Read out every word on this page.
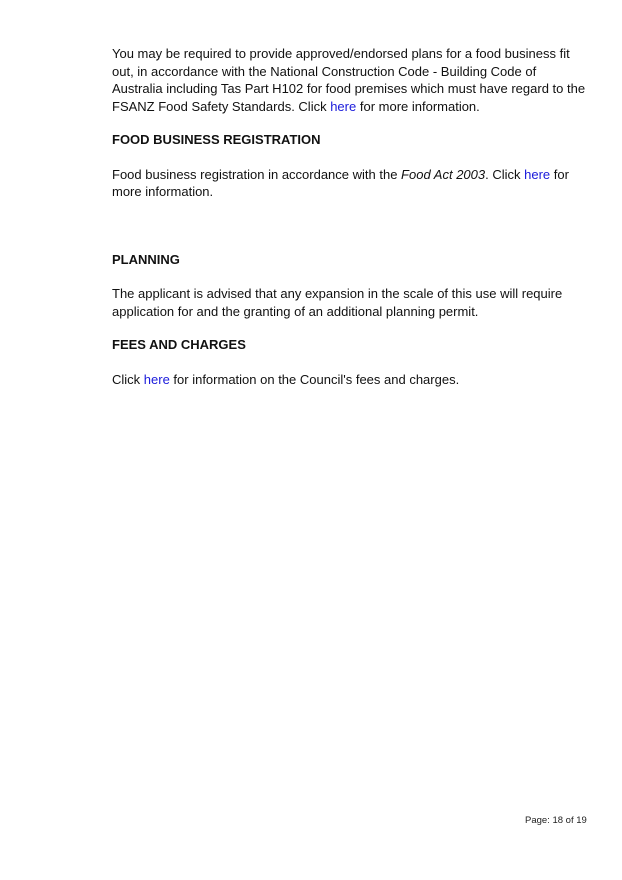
You may be required to provide approved/endorsed plans for a food business fit out, in accordance with the National Construction Code - Building Code of Australia including Tas Part H102 for food premises which must have regard to the FSANZ Food Safety Standards. Click here for more information.

FOOD BUSINESS REGISTRATION

Food business registration in accordance with the Food Act 2003. Click here for more information.

PLANNING

The applicant is advised that any expansion in the scale of this use will require application for and the granting of an additional planning permit.

FEES AND CHARGES

Click here for information on the Council's fees and charges.

Page: 18 of 19
